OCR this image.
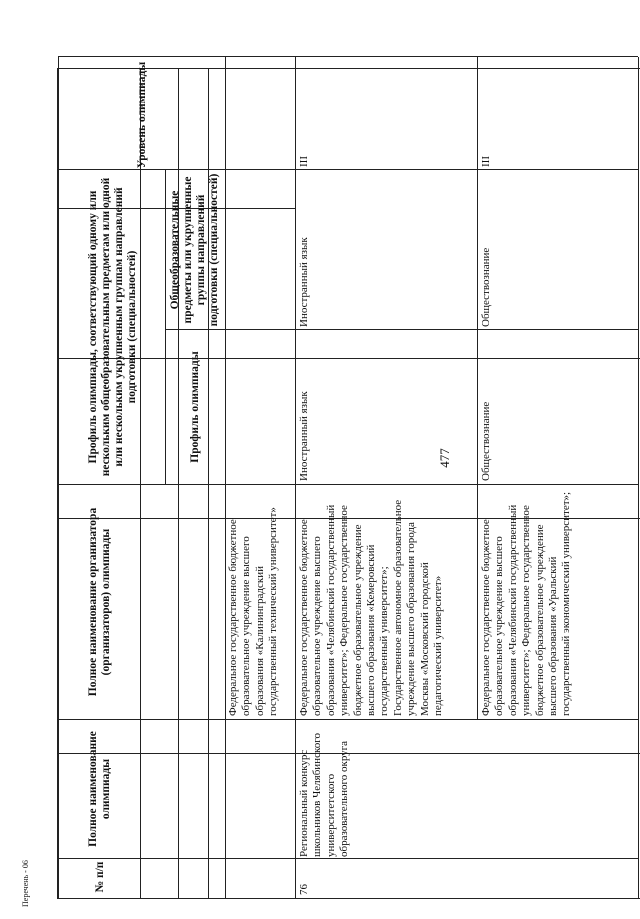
№ п/п
Полное наименование олимпиады
Полное наименование организатора (организаторов) олимпиады
Профиль олимпиады, соответствующий одному или нескольким общеобразовательным предметам или одной или нескольким укрупненным группам направлений подготовки (специальностей)
Профиль олимпиады
Общеобразовательные предметы или укрупненные группы направлений подготовки (специальностей)
Уровень олимпиады
Федеральное государственное бюджетное образовательное учреждение высшего образования «Калининградский государственный технический университет»
76
Региональный конкурс школьников Челябинского университетского образовательного округа
Федеральное государственное бюджетное образовательное учреждение высшего образования «Челябинский государственный университет»; Федеральное государственное бюджетное образовательное учреждение высшего образования «Кемеровский государственный университет»; Государственное автономное образовательное учреждение высшего образования города Москвы «Московский городской педагогический университет»
Иностранный язык
Иностранный язык
III
Федеральное государственное бюджетное образовательное учреждение высшего образования «Челябинский государственный университет»; Федеральное государственное бюджетное образовательное учреждение высшего образования «Уральский государственный экономический университет»;
Обществознание
Обществознание
III
477
Перечень - 06
